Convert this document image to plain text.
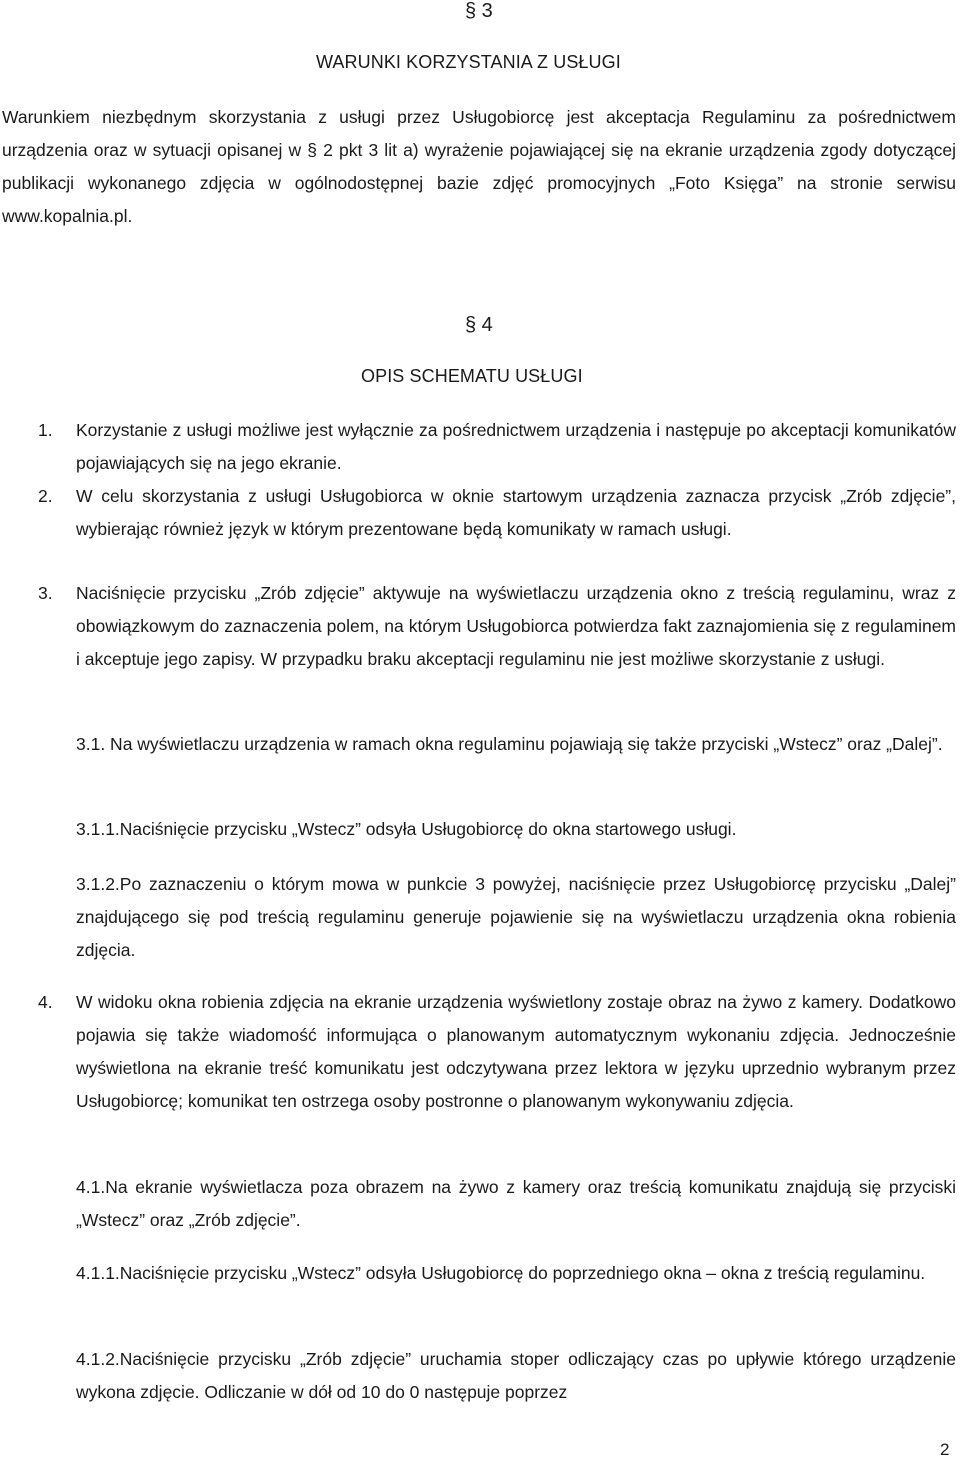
§ 3
WARUNKI KORZYSTANIA Z USŁUGI
Warunkiem niezbędnym skorzystania z usługi przez Usługobiorcę jest akceptacja Regulaminu za pośrednictwem urządzenia oraz w sytuacji opisanej w § 2 pkt 3 lit a) wyrażenie pojawiającej się na ekranie urządzenia zgody dotyczącej publikacji wykonanego zdjęcia w ogólnodostępnej bazie zdjęć promocyjnych „Foto Księga” na stronie serwisu www.kopalnia.pl.
§ 4
OPIS SCHEMATU USŁUGI
1. Korzystanie z usługi możliwe jest wyłącznie za pośrednictwem urządzenia i następuje po akceptacji komunikatów pojawiających się na jego ekranie.
2. W celu skorzystania z usługi Usługobiorca w oknie startowym urządzenia zaznacza przycisk „Zrób zdjęcie”, wybierając również język w którym prezentowane będą komunikaty w ramach usługi.
3. Naciśnięcie przycisku „Zrób zdjęcie” aktywuje na wyświetlaczu urządzenia okno z treścią regulaminu, wraz z obowiązkowym do zaznaczenia polem, na którym Usługobiorca potwierdza fakt zaznajomienia się z regulaminem i akceptuje jego zapisy. W przypadku braku akceptacji regulaminu nie jest możliwe skorzystanie z usługi.
3.1. Na wyświetlaczu urządzenia w ramach okna regulaminu pojawiają się także przyciski „Wstecz” oraz „Dalej”.
3.1.1.Naciśnięcie przycisku „Wstecz” odsyła Usługobiorcę do okna startowego usługi.
3.1.2.Po zaznaczeniu o którym mowa w punkcie 3 powyżej, naciśnięcie przez Usługobiorcę przycisku „Dalej” znajdującego się pod treścią regulaminu generuje pojawienie się na wyświetlaczu urządzenia okna robienia zdjęcia.
4. W widoku okna robienia zdjęcia na ekranie urządzenia wyświetlony zostaje obraz na żywo z kamery. Dodatkowo pojawia się także wiadomość informująca o planowanym automatycznym wykonaniu zdjęcia. Jednocześnie wyświetlona na ekranie treść komunikatu jest odczytywana przez lektora w języku uprzednio wybranym przez Usługobiorcę; komunikat ten ostrzega osoby postronne o planowanym wykonywaniu zdjęcia.
4.1.Na ekranie wyświetlacza poza obrazem na żywo z kamery oraz treścią komunikatu znajdują się przyciski „Wstecz” oraz „Zrób zdjęcie”.
4.1.1.Naciśnięcie przycisku „Wstecz” odsyła Usługobiorcę do poprzedniego okna – okna z treścią regulaminu.
4.1.2.Naciśnięcie przycisku „Zrób zdjęcie” uruchamia stoper odliczający czas po upływie którego urządzenie wykona zdjęcie. Odliczanie w dół od 10 do 0 następuje poprzez
2
